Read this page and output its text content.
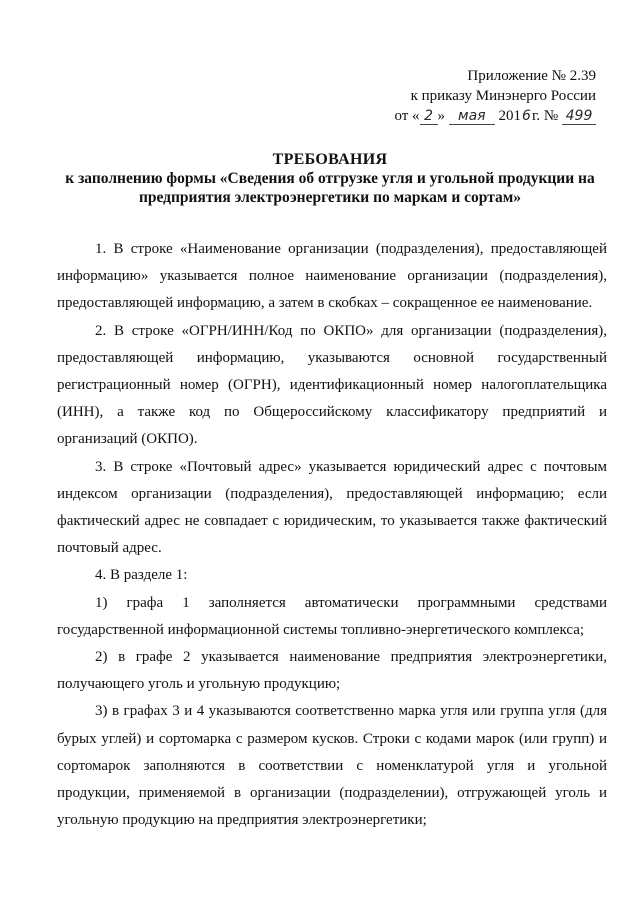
Приложение № 2.39
к приказу Минэнерго России
от « 2 » мая 2016г. № 499
ТРЕБОВАНИЯ
к заполнению формы «Сведения об отгрузке угля и угольной продукции на предприятия электроэнергетики по маркам и сортам»

1. В строке «Наименование организации (подразделения), предоставляющей информацию» указывается полное наименование организации (подразделения), предоставляющей информацию, а затем в скобках – сокращенное ее наименование.

2. В строке «ОГРН/ИНН/Код по ОКПО» для организации (подразделения), предоставляющей информацию, указываются основной государственный регистрационный номер (ОГРН), идентификационный номер налогоплательщика (ИНН), а также код по Общероссийскому классификатору предприятий и организаций (ОКПО).

3. В строке «Почтовый адрес» указывается юридический адрес с почтовым индексом организации (подразделения), предоставляющей информацию; если фактический адрес не совпадает с юридическим, то указывается также фактический почтовый адрес.

4. В разделе 1:

1) графа 1 заполняется автоматически программными средствами государственной информационной системы топливно-энергетического комплекса;

2) в графе 2 указывается наименование предприятия электроэнергетики, получающего уголь и угольную продукцию;

3) в графах 3 и 4 указываются соответственно марка угля или группа угля (для бурых углей) и сортомарка с размером кусков. Строки с кодами марок (или групп) и сортомарок заполняются в соответствии с номенклатурой угля и угольной продукции, применяемой в организации (подразделении), отгружающей уголь и угольную продукцию на предприятия электроэнергетики;
